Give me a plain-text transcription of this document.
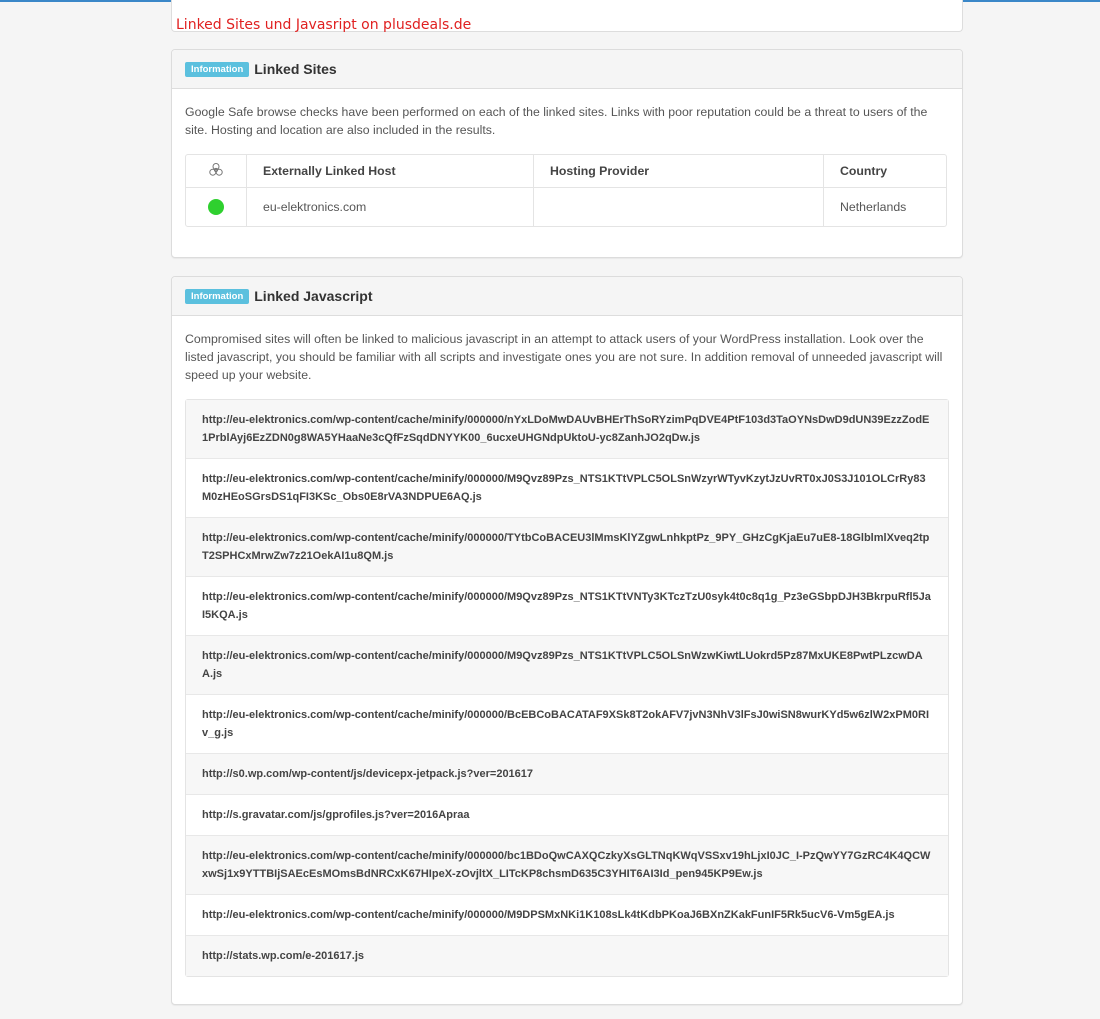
Linked Sites und Javasript on plusdeals.de
Information Linked Sites

Google Safe browse checks have been performed on each of the linked sites. Links with poor reputation could be a threat to users of the site. Hosting and location are also included in the results.

	Externally Linked Host	Hosting Provider	Country
	eu-elektronics.com		Netherlands
Information Linked Javascript

Compromised sites will often be linked to malicious javascript in an attempt to attack users of your WordPress installation. Look over the listed javascript, you should be familiar with all scripts and investigate ones you are not sure. In addition removal of unneeded javascript will speed up your website.

http://eu-elektronics.com/wp-content/cache/minify/000000/nYxLDoMwDAUvBHErThSoRYzimPqDVE4PtF103d3TaOYNsDwD9dUN39EzzZodE1PrblAyj6EzZDN0g8WA5YHaaNe3cQfFzSqdDNYYK00_6ucxeUHGNdpUktoU-yc8ZanhJO2qDw.js
http://eu-elektronics.com/wp-content/cache/minify/000000/M9Qvz89Pzs_NTS1KTtVPLC5OLSnWzyrWTyvKzytJzUvRT0xJ0S3J101OLCrRy83M0zHEoSGrsDS1qFI3KSc_Obs0E8rVA3NDPUE6AQ.js
http://eu-elektronics.com/wp-content/cache/minify/000000/TYtbCoBACEU3lMmsKlYZgwLnhkptPz_9PY_GHzCgKjaEu7uE8-18GlblmlXveq2tpT2SPHCxMrwZw7z21OekAI1u8QM.js
http://eu-elektronics.com/wp-content/cache/minify/000000/M9Qvz89Pzs_NTS1KTtVNTy3KTczTzU0syk4t0c8q1g_Pz3eGSbpDJH3BkrpuRfl5JaI5KQA.js
http://eu-elektronics.com/wp-content/cache/minify/000000/M9Qvz89Pzs_NTS1KTtVPLC5OLSnWzwKiwtLUokrd5Pz87MxUKE8PwtPLzcwDAA.js
http://eu-elektronics.com/wp-content/cache/minify/000000/BcEBCoBACATAF9XSk8T2okAFV7jvN3NhV3lFsJ0wiSN8wurKYd5w6zlW2xPM0RIv_g.js
http://s0.wp.com/wp-content/js/devicepx-jetpack.js?ver=201617
http://s.gravatar.com/js/gprofiles.js?ver=2016Apraa
http://eu-elektronics.com/wp-content/cache/minify/000000/bc1BDoQwCAXQCzkyXsGLTNqKWqVSSxv19hLjxI0JC_I-PzQwYY7GzRC4K4QCWxwSj1x9YTTBIjSAEcEsMOmsBdNRCxK67HIpeX-zOvjltX_LITcKP8chsmD635C3YHIT6AI3Id_pen945KP9Ew.js
http://eu-elektronics.com/wp-content/cache/minify/000000/M9DPSMxNKi1K108sLk4tKdbPKoaJ6BXnZKakFunIF5Rk5ucV6-Vm5gEA.js
http://stats.wp.com/e-201617.js
